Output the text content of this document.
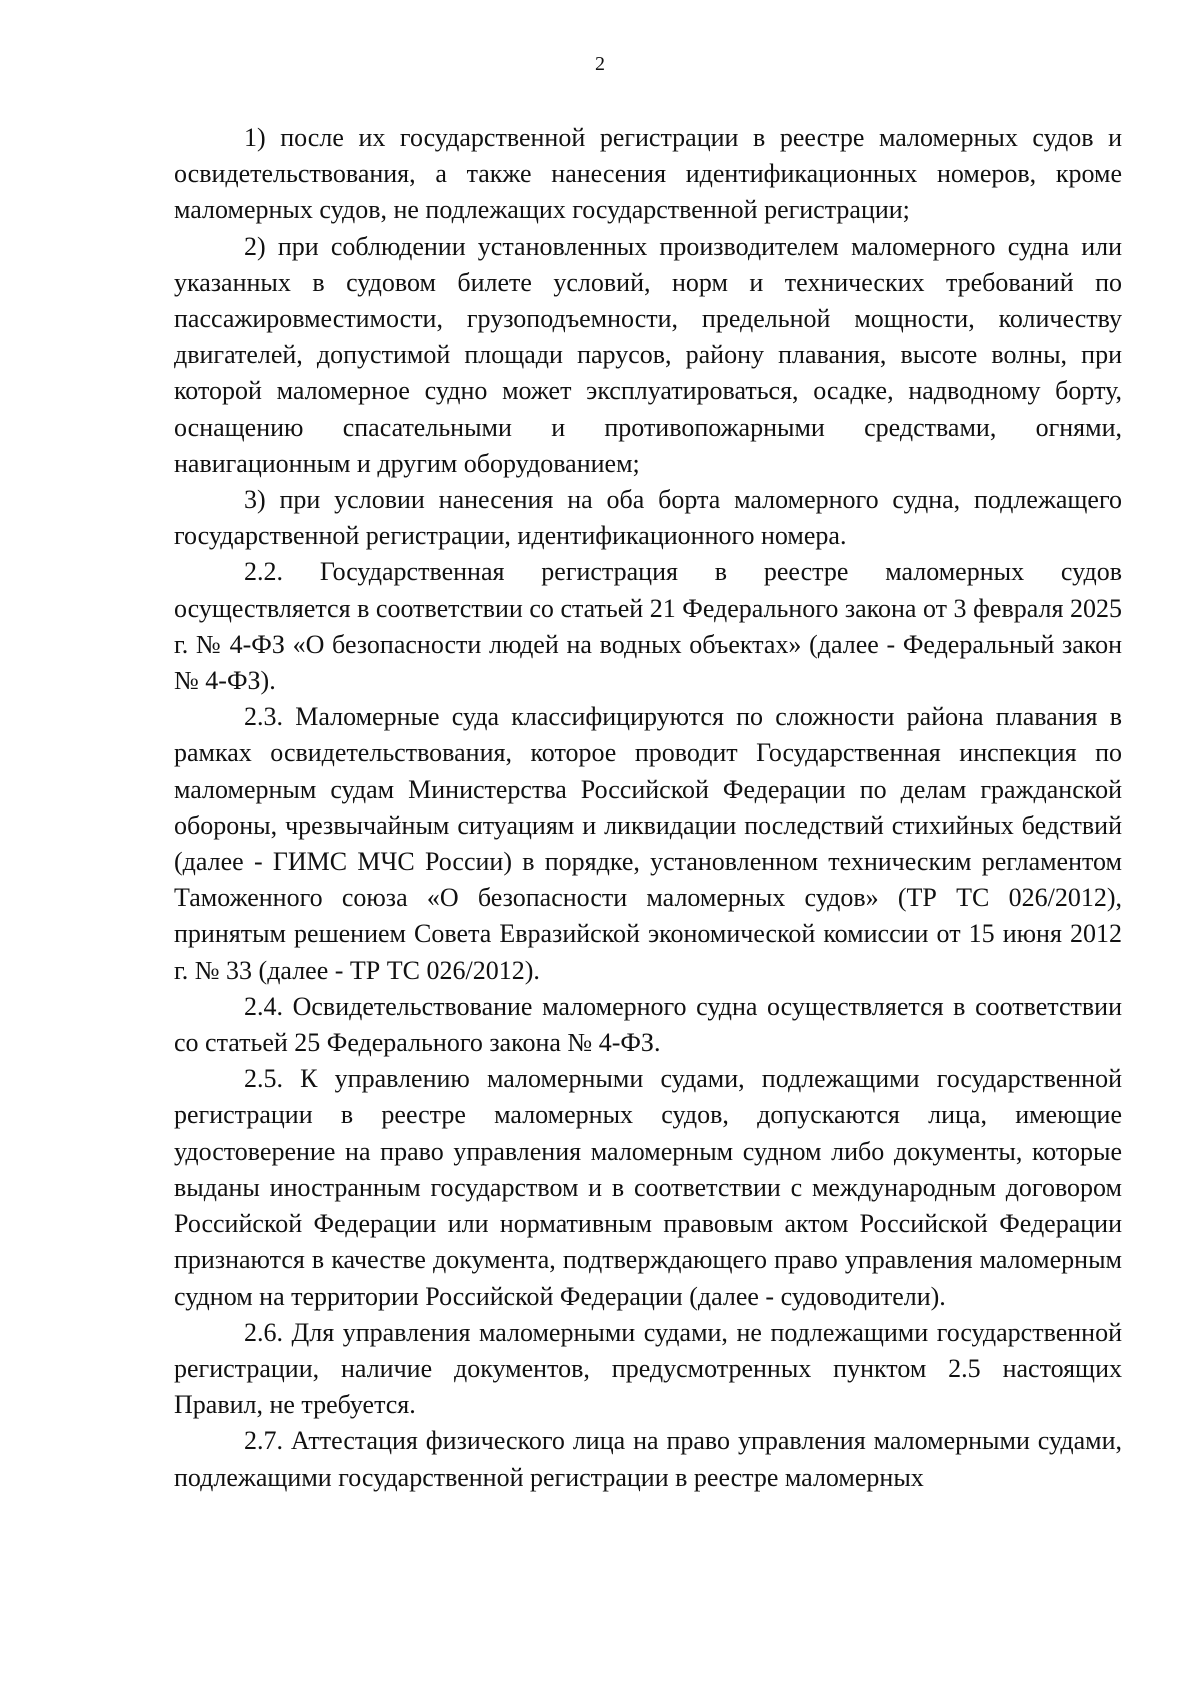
2

1) после их государственной регистрации в реестре маломерных судов и освидетельствования, а также нанесения идентификационных номеров, кроме маломерных судов, не подлежащих государственной регистрации;

2) при соблюдении установленных производителем маломерного судна или указанных в судовом билете условий, норм и технических требований по пассажировместимости, грузоподъемности, предельной мощности, количеству двигателей, допустимой площади парусов, району плавания, высоте волны, при которой маломерное судно может эксплуатироваться, осадке, надводному борту, оснащению спасательными и противопожарными средствами, огнями, навигационным и другим оборудованием;

3) при условии нанесения на оба борта маломерного судна, подлежащего государственной регистрации, идентификационного номера.

2.2. Государственная регистрация в реестре маломерных судов осуществляется в соответствии со статьей 21 Федерального закона от 3 февраля 2025 г. № 4-ФЗ «О безопасности людей на водных объектах» (далее - Федеральный закон № 4-ФЗ).

2.3. Маломерные суда классифицируются по сложности района плавания в рамках освидетельствования, которое проводит Государственная инспекция по маломерным судам Министерства Российской Федерации по делам гражданской обороны, чрезвычайным ситуациям и ликвидации последствий стихийных бедствий (далее - ГИМС МЧС России) в порядке, установленном техническим регламентом Таможенного союза «О безопасности маломерных судов» (ТР ТС 026/2012), принятым решением Совета Евразийской экономической комиссии от 15 июня 2012 г. № 33 (далее - ТР ТС 026/2012).

2.4. Освидетельствование маломерного судна осуществляется в соответствии со статьей 25 Федерального закона № 4-ФЗ.

2.5. К управлению маломерными судами, подлежащими государственной регистрации в реестре маломерных судов, допускаются лица, имеющие удостоверение на право управления маломерным судном либо документы, которые выданы иностранным государством и в соответствии с международным договором Российской Федерации или нормативным правовым актом Российской Федерации признаются в качестве документа, подтверждающего право управления маломерным судном на территории Российской Федерации (далее - судоводители).

2.6. Для управления маломерными судами, не подлежащими государственной регистрации, наличие документов, предусмотренных пунктом 2.5 настоящих Правил, не требуется.

2.7. Аттестация физического лица на право управления маломерными судами, подлежащими государственной регистрации в реестре маломерных
